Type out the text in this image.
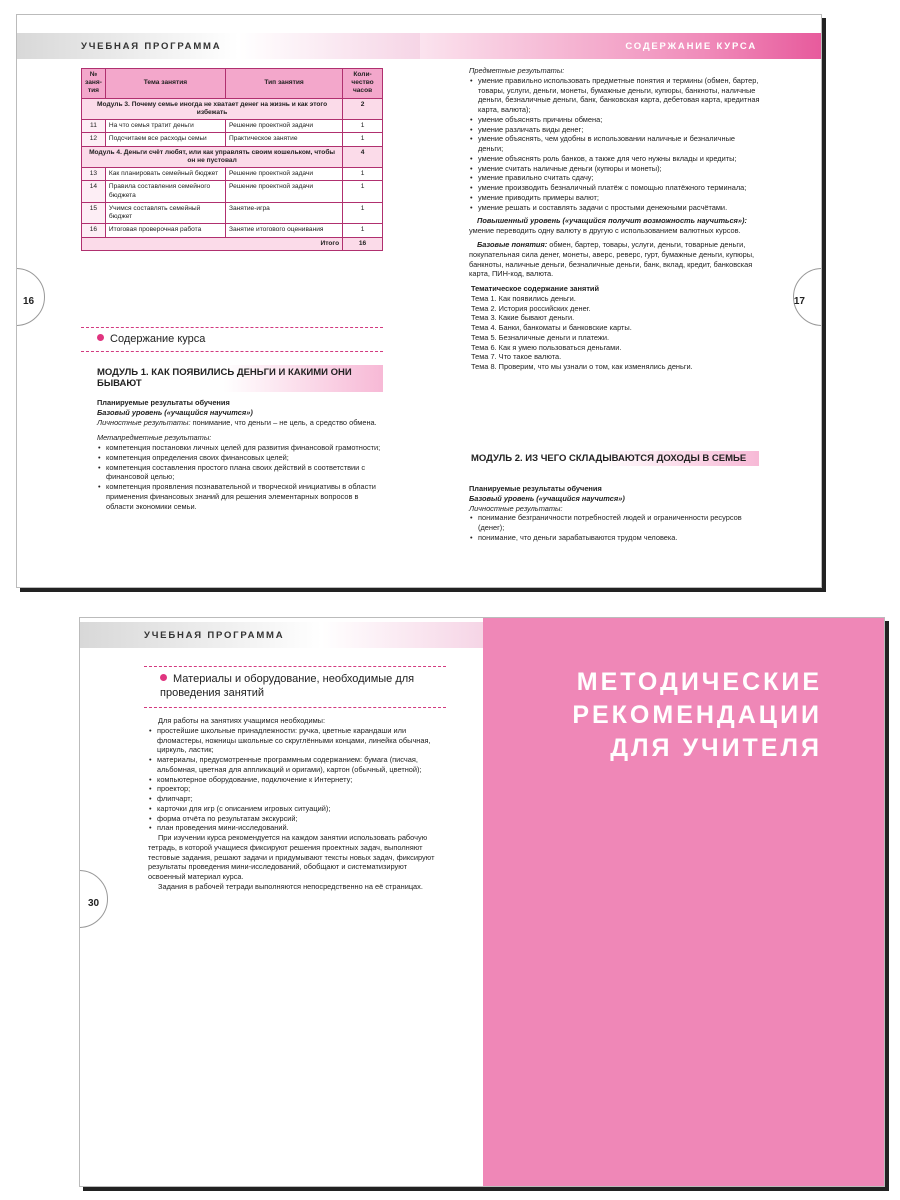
УЧЕБНАЯ ПРОГРАММА	СОДЕРЖАНИЕ КУРСА
16	17
№ заня-тия	Тема занятия	Тип занятия	Коли-чество часов
Модуль 3. Почему семье иногда не хватает денег на жизнь и как этого избежать			2
11	На что семья тратит деньги	Решение проектной задачи	1
12	Подсчитаем все расходы семьи	Практическое занятие	1
Модуль 4. Деньги счёт любят, или как управлять своим кошельком, чтобы он не пустовал			4
13	Как планировать семейный бюджет	Решение проектной задачи	1
14	Правила составления семейного бюджета	Решение проектной задачи	1
15	Учимся составлять семейный бюджет	Занятие-игра	1
16	Итоговая проверочная работа	Занятие итогового оценивания	1
Итого			16
Содержание курса
МОДУЛЬ 1. КАК ПОЯВИЛИСЬ ДЕНЬГИ И КАКИМИ ОНИ БЫВАЮТ

Планируемые результаты обучения

Базовый уровень («учащийся научится»)

Личностные результаты: понимание, что деньги – не цель, а средство обмена.

Метапредметные результаты:

• компетенция постановки личных целей для развития финансовой грамотности;
• компетенция определения своих финансовых целей;
• компетенция составления простого плана своих действий в соответствии с финансовой целью;
• компетенция проявления познавательной и творческой инициативы в области применения финансовых знаний для решения элементарных вопросов в области экономики семьи.

Предметные результаты:

• умение правильно использовать предметные понятия и термины (обмен, бартер, товары, услуги, деньги, монеты, бумажные деньги, купюры, банкноты, наличные деньги, безналичные деньги, банк, банковская карта, дебетовая карта, кредитная карта, валюта);
• умение объяснять причины обмена;
• умение различать виды денег;
• умение объяснять, чем удобны в использовании наличные и безналичные деньги;
• умение объяснять роль банков, а также для чего нужны вклады и кредиты;
• умение считать наличные деньги (купюры и монеты);
• умение правильно считать сдачу;
• умение производить безналичный платёж с помощью платёжного терминала;
• умение приводить примеры валют;
• умение решать и составлять задачи с простыми денежными расчётами.

Повышенный уровень («учащийся получит возможность научиться»): умение переводить одну валюту в другую с использованием валютных курсов.

Базовые понятия: обмен, бартер, товары, услуги, деньги, товарные деньги, покупательная сила денег, монеты, аверс, реверс, гурт, бумажные деньги, купюры, банкноты, наличные деньги, безналичные деньги, банк, вклад, кредит, банковская карта, ПИН-код, валюта.

Тематическое содержание занятий

Тема 1. Как появились деньги.

Тема 2. История российских денег.

Тема 3. Какие бывают деньги.

Тема 4. Банки, банкоматы и банковские карты.

Тема 5. Безналичные деньги и платежи.

Тема 6. Как я умею пользоваться деньгами.

Тема 7. Что такое валюта.

Тема 8. Проверим, что мы узнали о том, как изменялись деньги.

МОДУЛЬ 2. ИЗ ЧЕГО СКЛАДЫВАЮТСЯ ДОХОДЫ В СЕМЬЕ

Планируемые результаты обучения

Базовый уровень («учащийся научится»)

Личностные результаты:

• понимание безграничности потребностей людей и ограниченности ресурсов (денег);
• понимание, что деньги зарабатываются трудом человека.
УЧЕБНАЯ ПРОГРАММА
30
Материалы и оборудование, необходимые для проведения занятий

Для работы на занятиях учащимся необходимы:

• простейшие школьные принадлежности: ручка, цветные карандаши или фломастеры, ножницы школьные со скруглёнными концами, линейка обычная, циркуль, ластик;
• материалы, предусмотренные программным содержанием: бумага (писчая, альбомная, цветная для аппликаций и оригами), картон (обычный, цветной);
• компьютерное оборудование, подключение к Интернету;
• проектор;
• флипчарт;
• карточки для игр (с описанием игровых ситуаций);
• форма отчёта по результатам экскурсий;
• план проведения мини-исследований.

При изучении курса рекомендуется на каждом занятии использовать рабочую тетрадь, в которой учащиеся фиксируют решения проектных задач, выполняют тестовые задания, решают задачи и придумывают тексты новых задач, фиксируют результаты проведения мини-исследований, обобщают и систематизируют освоенный материал курса.

Задания в рабочей тетради выполняются непосредственно на её страницах.

МЕТОДИЧЕСКИЕ
РЕКОМЕНДАЦИИ
ДЛЯ УЧИТЕЛЯ
